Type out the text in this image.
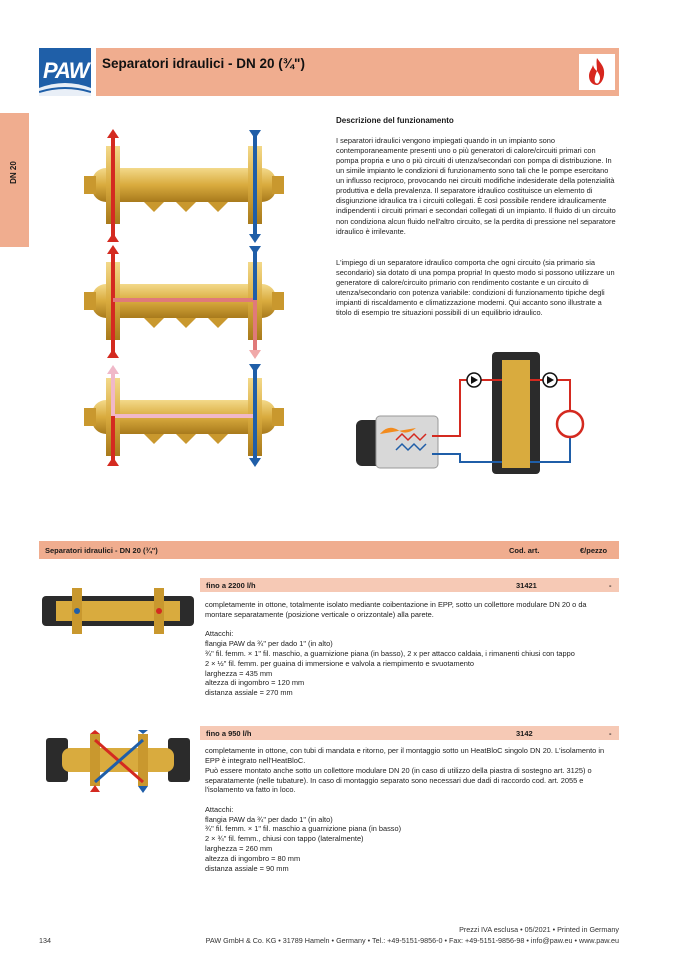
PAW Separatori idraulici - DN 20 (¾")
DN 20
Descrizione del funzionamento

I separatori idraulici vengono impiegati quando in un impianto sono contemporaneamente presenti uno o più generatori di calore/circuiti primari con pompa propria e uno o più circuiti di utenza/secondari con pompa di distribuzione. In un simile impianto le condizioni di funzionamento sono tali che le pompe esercitano un influsso reciproco, provocando nei circuiti modifiche indesiderate della potenzialità produttiva e della prevalenza. Il separatore idraulico costituisce un elemento di disgiunzione idraulica tra i circuiti collegati. È così possibile rendere idraulicamente indipendenti i circuiti primari e secondari collegati di un impianto. Il fluido di un circuito non condiziona alcun fluido nell'altro circuito, se la perdita di pressione nel separatore idraulico è irrilevante.

L'impiego di un separatore idraulico comporta che ogni circuito (sia primario sia secondario) sia dotato di una pompa propria! In questo modo si possono utilizzare un generatore di calore/circuito primario con rendimento costante e un circuito di utenza/secondario con potenza variabile: condizioni di funzionamento tipiche degli impianti di riscaldamento e climatizzazione moderni. Qui accanto sono illustrate a titolo di esempio tre situazioni possibili di un equilibrio idraulico.

Separatori idraulici - DN 20 (¾")	Cod. art.	€/pezzo
fino a 2200 l/h	31421	-

completamente in ottone, totalmente isolato mediante coibentazione in EPP, sotto un collettore modulare DN 20 o da montare separatamente (posizione verticale o orizzontale) alla parete.

Attacchi:
flangia PAW da ¾" per dado 1" (in alto)
¾" fil. femm. × 1" fil. maschio, a guarnizione piana (in basso), 2 x per attacco caldaia, i rimanenti chiusi con tappo
2 × ½" fil. femm. per guaina di immersione e valvola a riempimento e svuotamento
larghezza = 435 mm
altezza di ingombro = 120 mm
distanza assiale = 270 mm
fino a 950 l/h	3142	-
completamente in ottone, con tubi di mandata e ritorno, per il montaggio sotto un HeatBloC singolo DN 20. L'isolamento in EPP è integrato nell'HeatBloC.

Può essere montato anche sotto un collettore modulare DN 20 (in caso di utilizzo della piastra di sostegno art. 3125) o separatamente (nelle tubature). In caso di montaggio separato sono necessari due dadi di raccordo cod. art. 2055 e l'isolamento va fatto in loco.

Attacchi:
flangia PAW da ¾" per dado 1" (in alto)
¾" fil. femm. × 1" fil. maschio a guarnizione piana (in basso)
2 × ¾" fil. femm., chiusi con tappo (lateralmente)
larghezza = 260 mm
altezza di ingombro = 80 mm
distanza assiale = 90 mm
134
Prezzi IVA esclusa • 05/2021 • Printed in Germany
PAW GmbH & Co. KG • 31789 Hameln • Germany • Tel.: +49-5151-9856-0 • Fax: +49-5151-9856-98 • info@paw.eu • www.paw.eu
